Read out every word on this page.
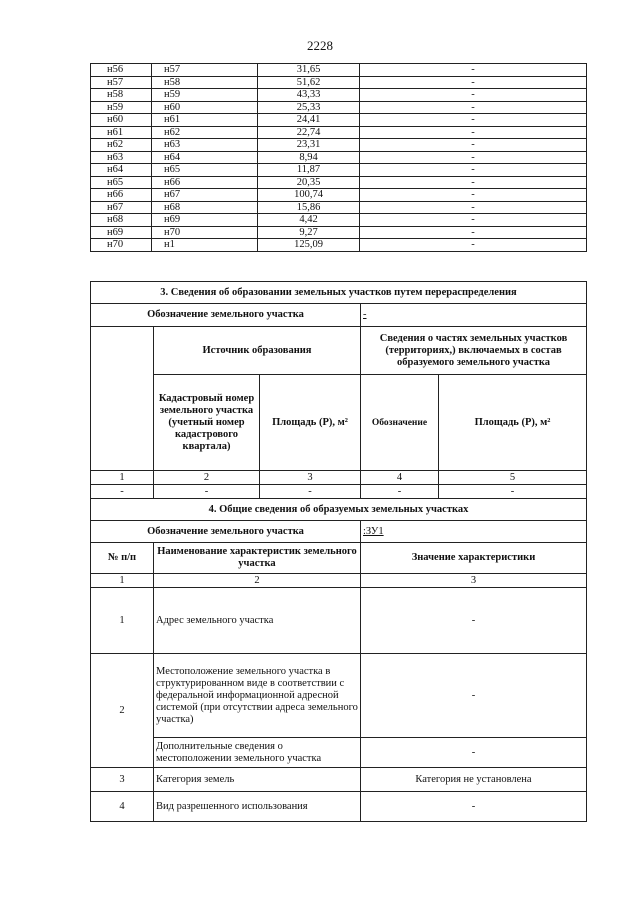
2228
н56	н57	31,65	-
н57	н58	51,62	-
н58	н59	43,33	-
н59	н60	25,33	-
н60	н61	24,41	-
н61	н62	22,74	-
н62	н63	23,31	-
н63	н64	8,94	-
н64	н65	11,87	-
н65	н66	20,35	-
н66	н67	100,74	-
н67	н68	15,86	-
н68	н69	4,42	-
н69	н70	9,27	-
н70	н1	125,09	-
3. Сведения об образовании земельных участков путем перераспределения				
Обозначение земельного участка			-	
	Источник образования		Сведения о частях земельных участков (территориях,) включаемых в состав образуемого земельного участка	
	Кадастровый номер земельного участка (учетный номер кадастрового квартала)	Площадь (Р), м²	Обозначение	Площадь (Р), м²
1	2	3	4	5
-	-	-	-	-
4. Общие сведения об образуемых земельных участках				
Обозначение земельного участка			:ЗУ1	
№ п/п	Наименование характеристик земельного участка		Значение характеристики	
1	2		3	
1	Адрес земельного участка		-	
2	Местоположение земельного участка в структурированном виде в соответствии с федеральной информационной адресной системой (при отсутствии адреса земельного участка)		-	
	Дополнительные сведения о местоположении земельного участка		-	
3	Категория земель		Категория не установлена	
4	Вид разрешенного использования		-	
